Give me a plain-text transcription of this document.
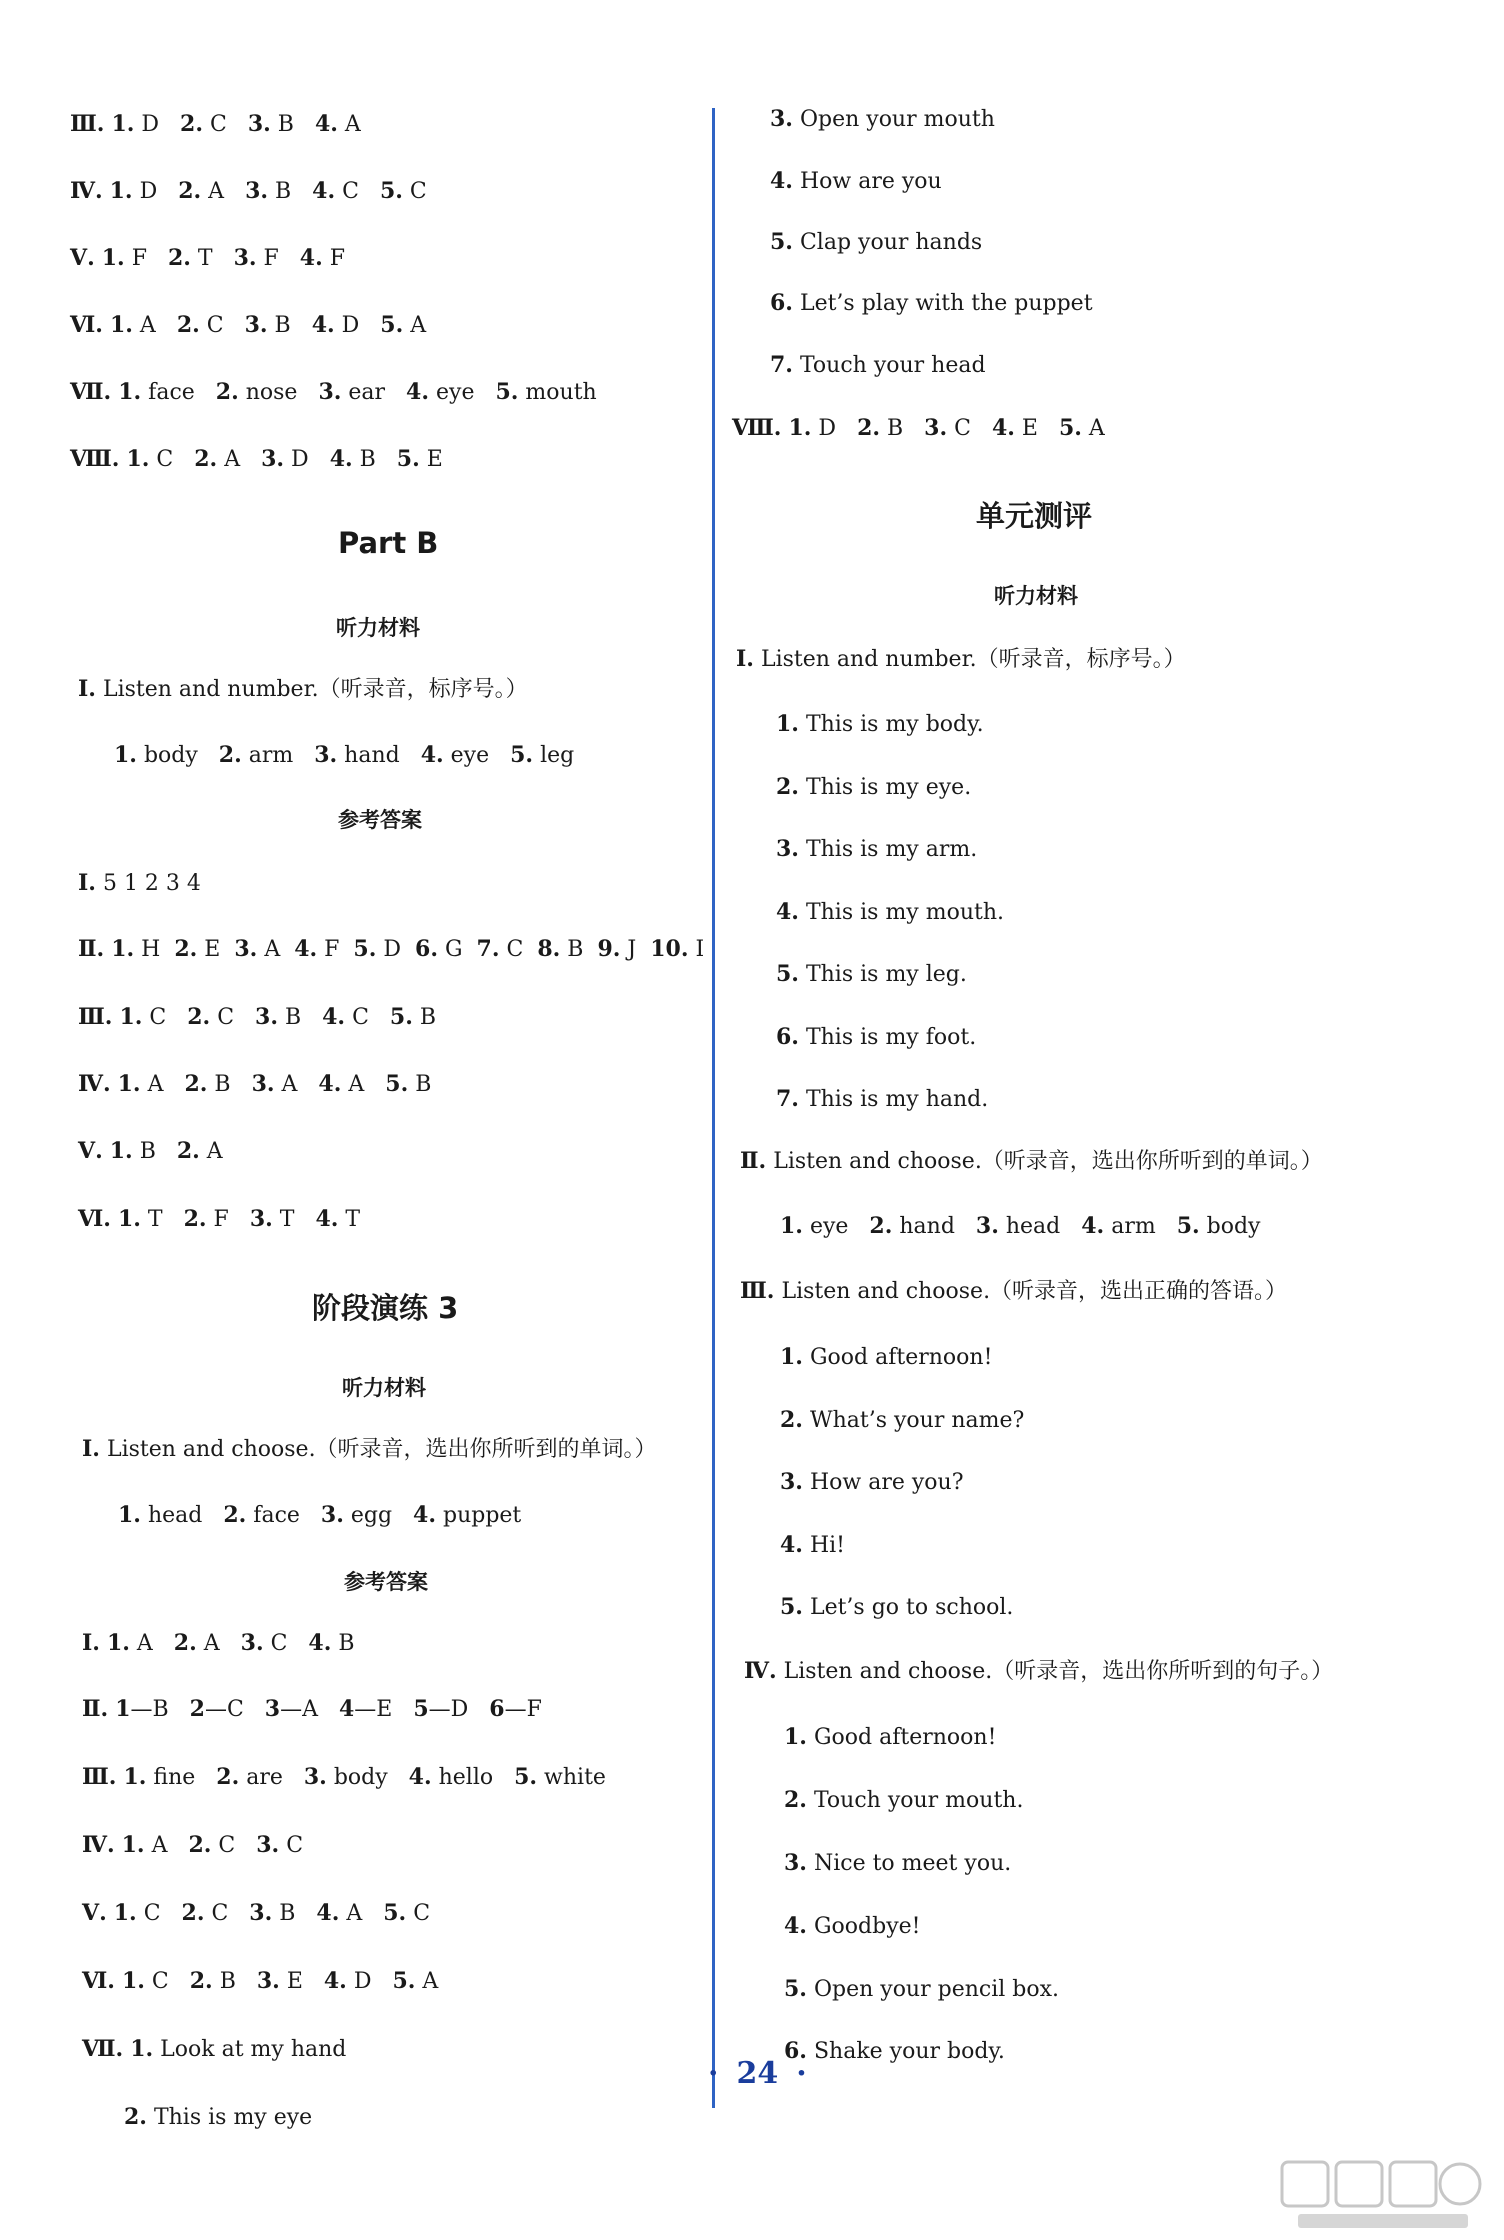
Ⅲ. 1. D   2. C   3. B   4. A
Ⅳ. 1. D   2. A   3. B   4. C   5. C
Ⅴ. 1. F   2. T   3. F   4. F
Ⅵ. 1. A   2. C   3. B   4. D   5. A
Ⅶ. 1. face   2. nose   3. ear   4. eye   5. mouth
Ⅷ. 1. C   2. A   3. D   4. B   5. E
Part B
听力材料
Ⅰ. Listen and number.（听录音，标序号。）
1. body   2. arm   3. hand   4. eye   5. leg
参考答案
Ⅰ. 5 1 2 3 4
Ⅱ. 1. H  2. E  3. A  4. F  5. D  6. G  7. C  8. B  9. J  10. I
Ⅲ. 1. C   2. C   3. B   4. C   5. B
Ⅳ. 1. A   2. B   3. A   4. A   5. B
Ⅴ. 1. B   2. A
Ⅵ. 1. T   2. F   3. T   4. T
阶段演练 3
听力材料
Ⅰ. Listen and choose.（听录音，选出你所听到的单词。）
1. head   2. face   3. egg   4. puppet
参考答案
Ⅰ. 1. A   2. A   3. C   4. B
Ⅱ. 1—B   2—C   3—A   4—E   5—D   6—F
Ⅲ. 1. fine   2. are   3. body   4. hello   5. white
Ⅳ. 1. A   2. C   3. C
Ⅴ. 1. C   2. C   3. B   4. A   5. C
Ⅵ. 1. C   2. B   3. E   4. D   5. A
Ⅶ. 1. Look at my hand
2. This is my eye
3. Open your mouth
4. How are you
5. Clap your hands
6. Let’s play with the puppet
7. Touch your head
Ⅷ. 1. D   2. B   3. C   4. E   5. A
单元测评
听力材料
Ⅰ. Listen and number.（听录音，标序号。）
1. This is my body.
2. This is my eye.
3. This is my arm.
4. This is my mouth.
5. This is my leg.
6. This is my foot.
7. This is my hand.
Ⅱ. Listen and choose.（听录音，选出你所听到的单词。）
1. eye   2. hand   3. head   4. arm   5. body
Ⅲ. Listen and choose.（听录音，选出正确的答语。）
1. Good afternoon!
2. What’s your name?
3. How are you?
4. Hi!
5. Let’s go to school.
Ⅳ. Listen and choose.（听录音，选出你所听到的句子。）
1. Good afternoon!
2. Touch your mouth.
3. Nice to meet you.
4. Goodbye!
5. Open your pencil box.
6. Shake your body.
· 24 ·
